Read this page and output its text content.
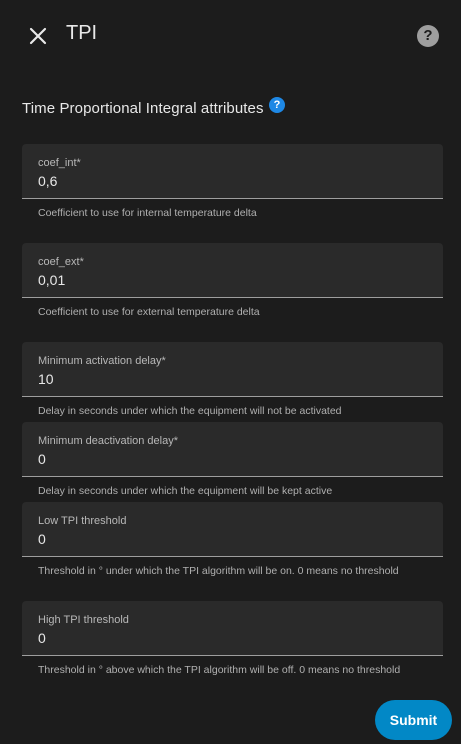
TPI	?
Time Proportional Integral attributes ?
coef_int*
0,6
Coefficient to use for internal temperature delta
coef_ext*
0,01
Coefficient to use for external temperature delta
Minimum activation delay*
10
Delay in seconds under which the equipment will not be activated
Minimum deactivation delay*
0
Delay in seconds under which the equipment will be kept active
Low TPI threshold
0
Threshold in ° under which the TPI algorithm will be on. 0 means no threshold
High TPI threshold
0
Threshold in ° above which the TPI algorithm will be off. 0 means no threshold
Submit
